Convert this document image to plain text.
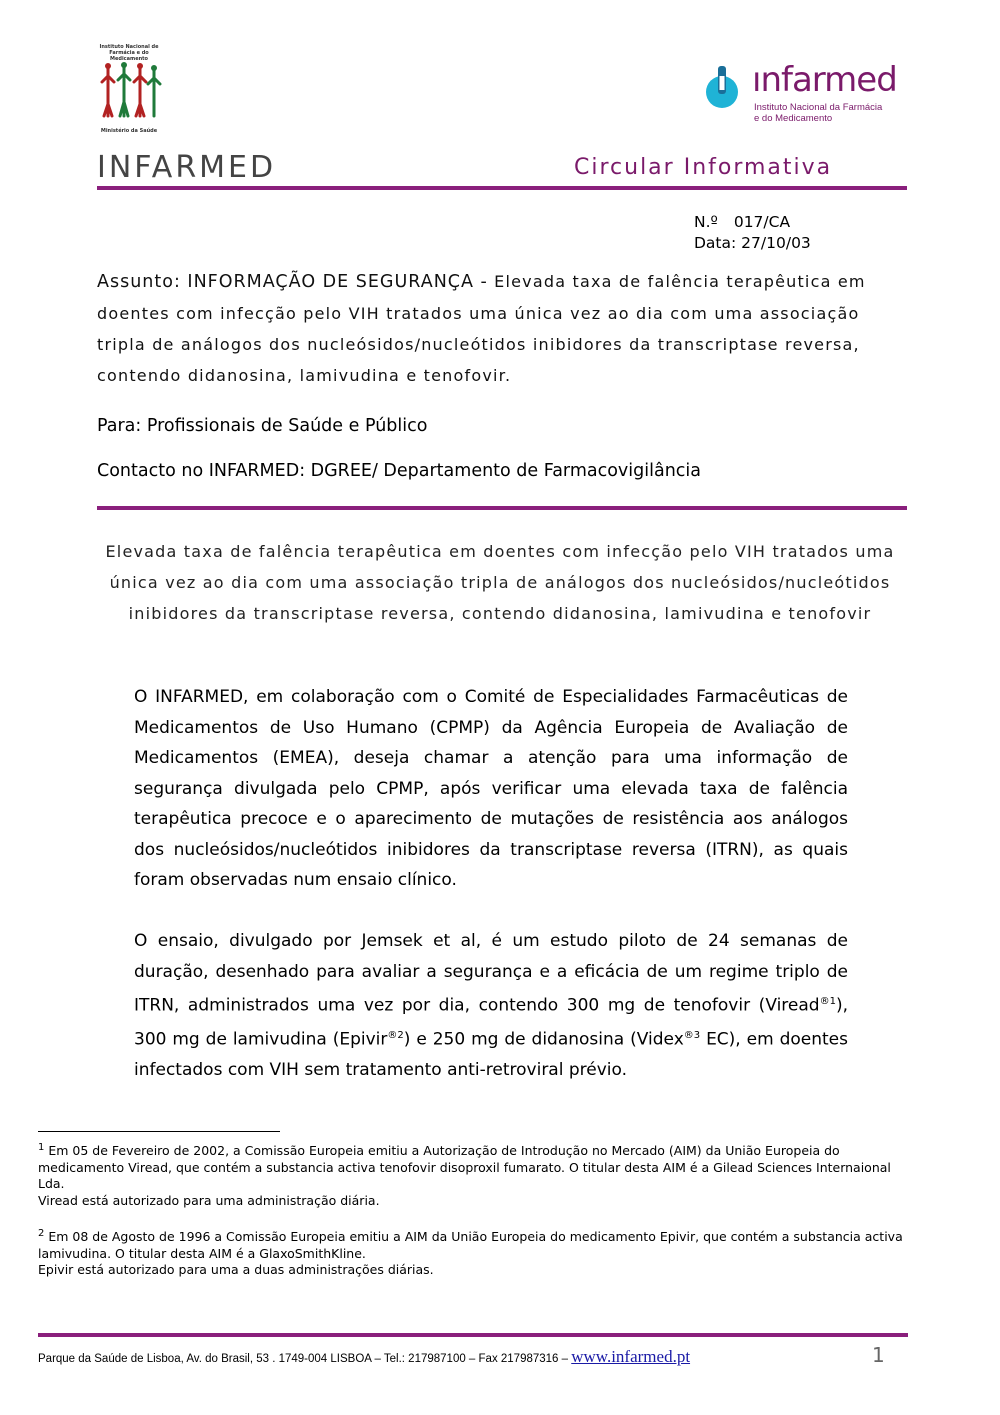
Instituto Nacional de Farmácia e do Medicamento
Ministério da Saúde
ınfarmed
Instituto Nacional da Farmácia
e do Medicamento
INFARMED	Circular Informativa
N.º 017/CA
Data: 27/10/03
Assunto: INFORMAÇÃO DE SEGURANÇA - Elevada taxa de falência terapêutica em doentes com infecção pelo VIH tratados uma única vez ao dia com uma associação tripla de análogos dos nucleósidos/nucleótidos inibidores da transcriptase reversa, contendo didanosina, lamivudina e tenofovir.
Para: Profissionais de Saúde e Público
Contacto no INFARMED: DGREE/ Departamento de Farmacovigilância
Elevada taxa de falência terapêutica em doentes com infecção pelo VIH tratados uma única vez ao dia com uma associação tripla de análogos dos nucleósidos/nucleótidos inibidores da transcriptase reversa, contendo didanosina, lamivudina e tenofovir
O INFARMED, em colaboração com o Comité de Especialidades Farmacêuticas de Medicamentos de Uso Humano (CPMP) da Agência Europeia de Avaliação de Medicamentos (EMEA), deseja chamar a atenção para uma informação de segurança divulgada pelo CPMP, após verificar uma elevada taxa de falência terapêutica precoce e o aparecimento de mutações de resistência aos análogos dos nucleósidos/nucleótidos inibidores da transcriptase reversa (ITRN), as quais foram observadas num ensaio clínico.
O ensaio, divulgado por Jemsek et al, é um estudo piloto de 24 semanas de duração, desenhado para avaliar a segurança e a eficácia de um regime triplo de ITRN, administrados uma vez por dia, contendo 300 mg de tenofovir (Viread$^{®1}$), 300 mg de lamivudina (Epivir$^{®2}$) e 250 mg de didanosina (Videx$^{®3}$ EC), em doentes infectados com VIH sem tratamento anti-retroviral prévio.
$^1$ Em 05 de Fevereiro de 2002, a Comissão Europeia emitiu a Autorização de Introdução no Mercado (AIM) da União Europeia do medicamento Viread, que contém a substancia activa tenofovir disoproxil fumarato. O titular desta AIM é a Gilead Sciences Internaional Lda.
Viread está autorizado para uma administração diária.
$^2$ Em 08 de Agosto de 1996 a Comissão Europeia emitiu a AIM da União Europeia do medicamento Epivir, que contém a substancia activa lamivudina. O titular desta AIM é a GlaxoSmithKline.
Epivir está autorizado para uma a duas administrações diárias.
Parque da Saúde de Lisboa, Av. do Brasil, 53 . 1749-004 LISBOA – Tel.: 217987100 – Fax 217987316 – www.infarmed.pt	1
